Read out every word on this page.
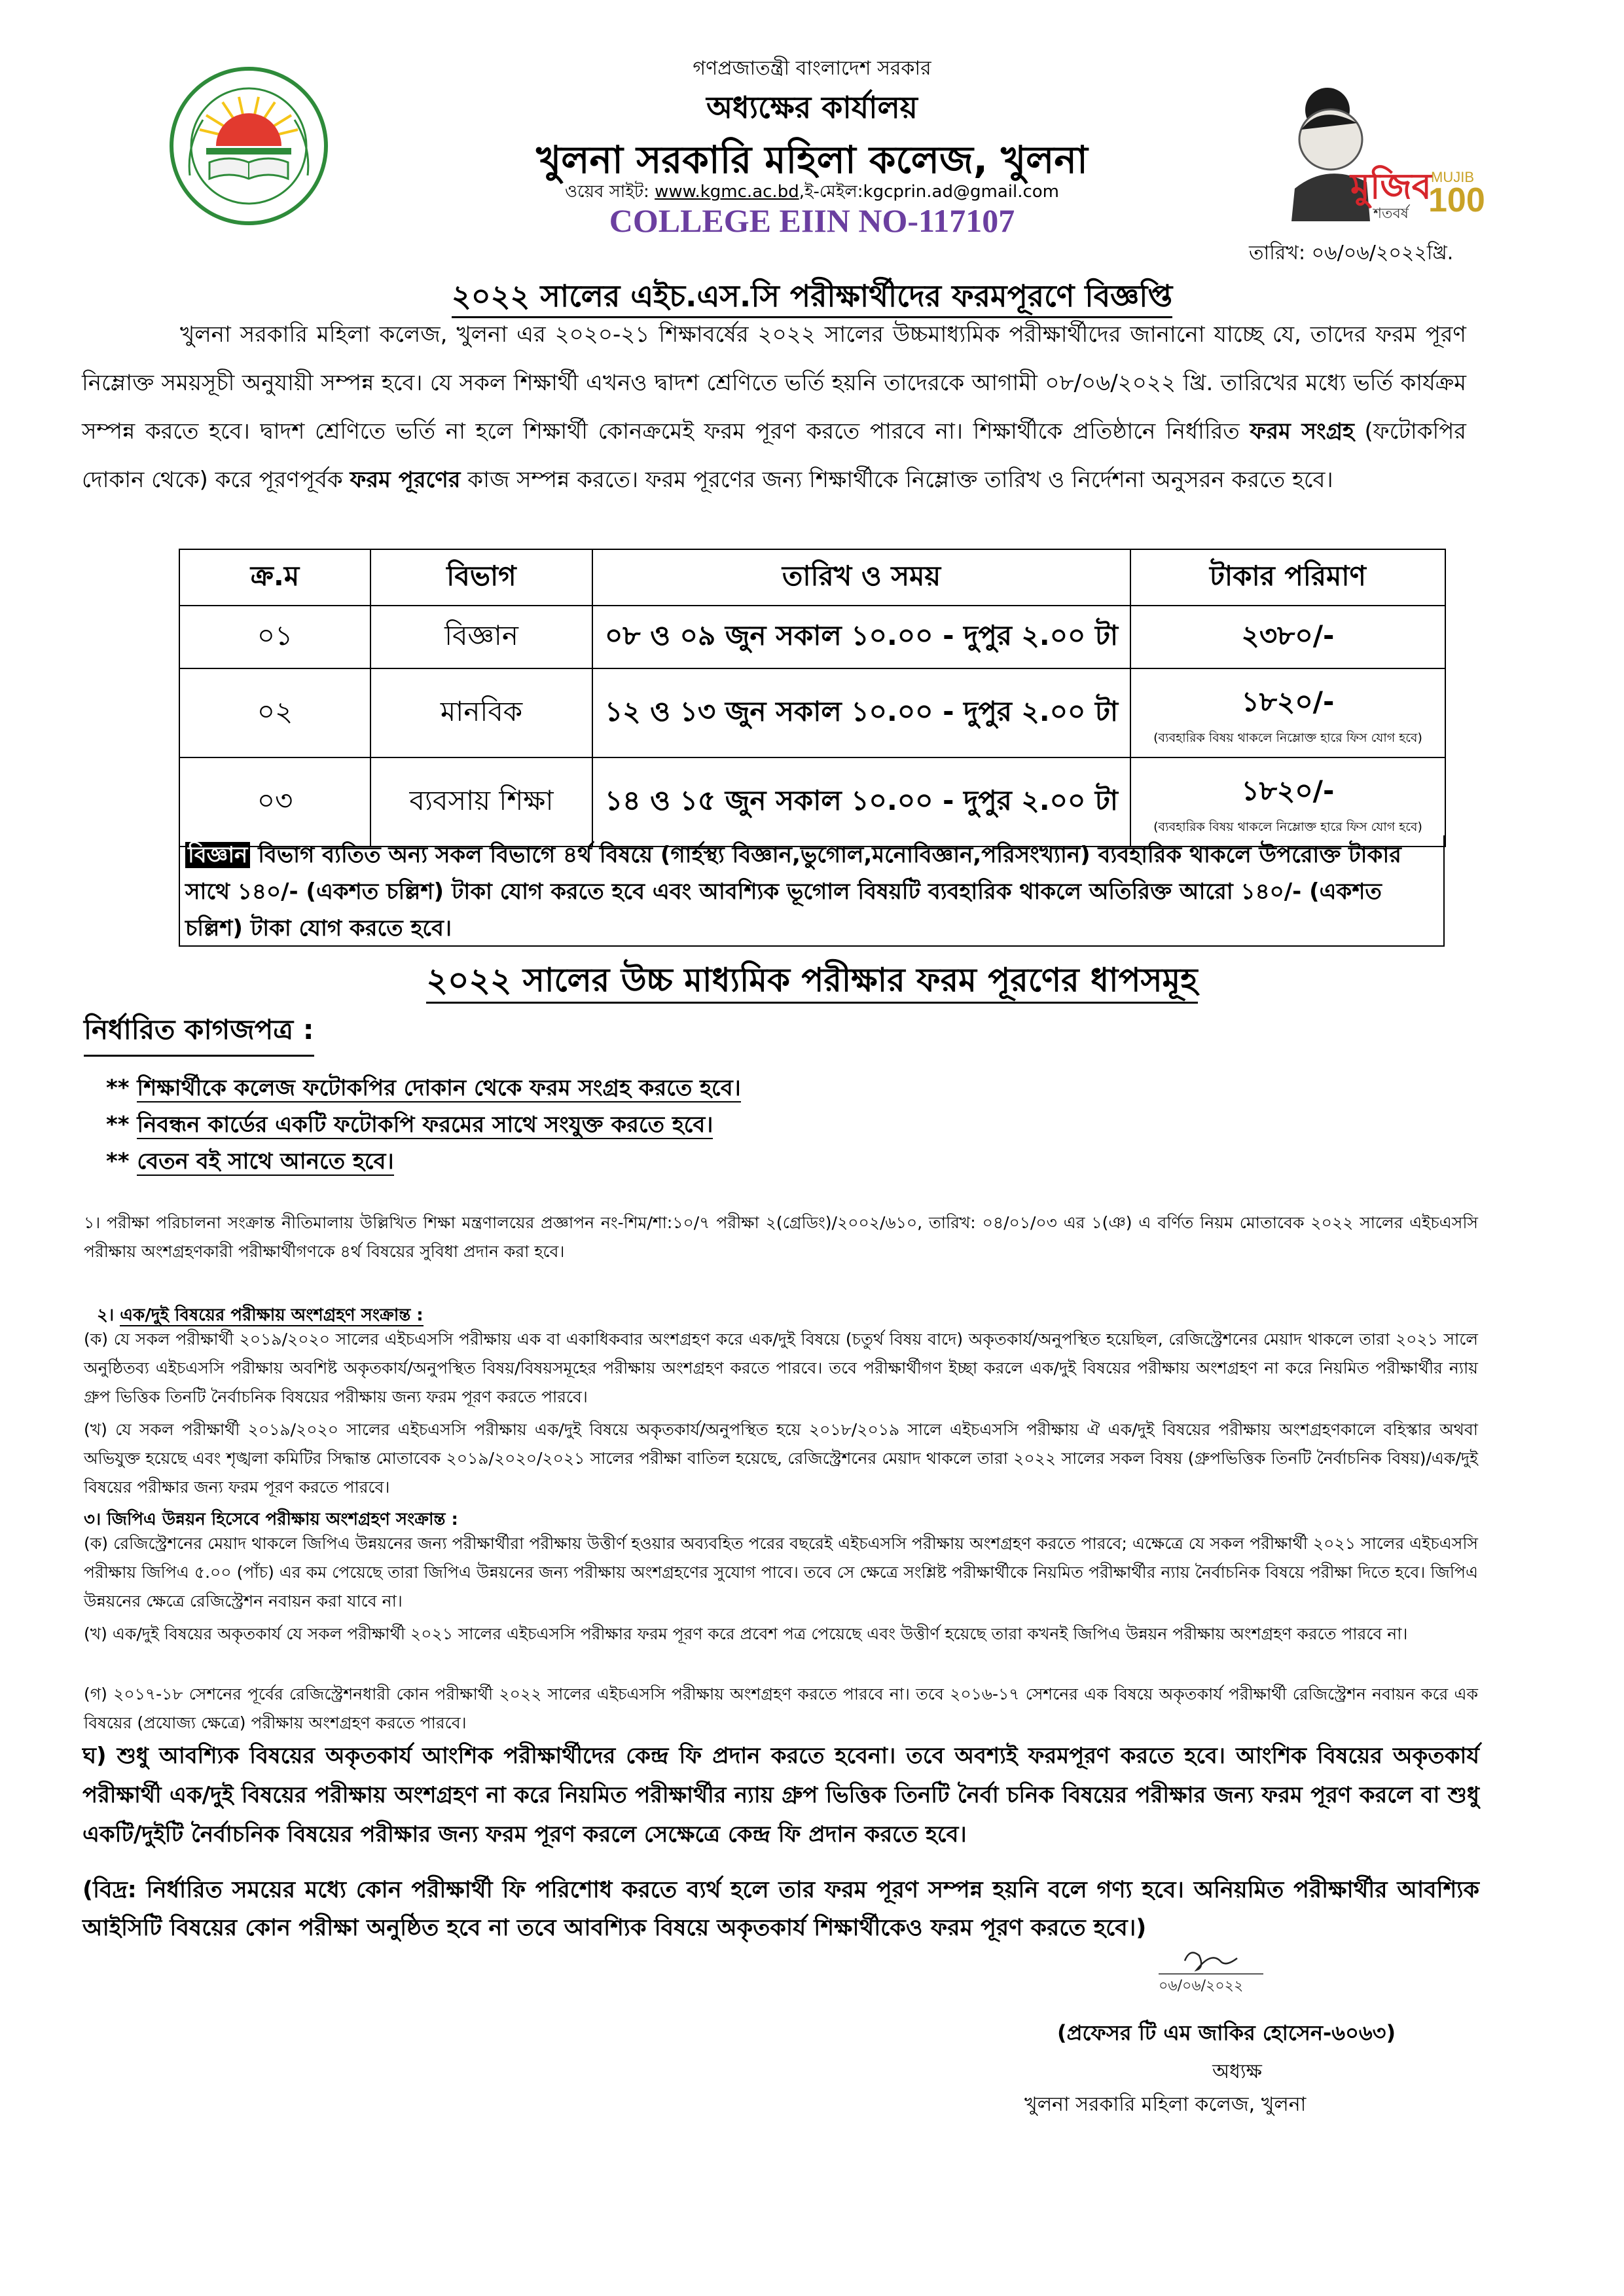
মুজিব
শতবর্ষ
MUJIB
100
গণপ্রজাতন্ত্রী বাংলাদেশ সরকার
অধ্যক্ষের কার্যালয়
খুলনা সরকারি মহিলা কলেজ, খুলনা
ওয়েব সাইট: www.kgmc.ac.bd,ই-মেইল:kgcprin.ad@gmail.com
COLLEGE EIIN NO-117107
তারিখ: ০৬/০৬/২০২২খ্রি.
২০২২ সালের এইচ.এস.সি পরীক্ষার্থীদের ফরমপূরণে বিজ্ঞপ্তি
খুলনা সরকারি মহিলা কলেজ, খুলনা এর ২০২০-২১ শিক্ষাবর্ষের ২০২২ সালের উচ্চমাধ্যমিক পরীক্ষার্থীদের জানানো যাচ্ছে যে, তাদের ফরম পূরণ নিম্লোক্ত সময়সূচী অনুযায়ী সম্পন্ন হবে। যে সকল শিক্ষার্থী এখনও দ্বাদশ শ্রেণিতে ভর্তি হয়নি তাদেরকে আগামী ০৮/০৬/২০২২ খ্রি. তারিখের মধ্যে ভর্তি কার্যক্রম সম্পন্ন করতে হবে। দ্বাদশ শ্রেণিতে ভর্তি না হলে শিক্ষার্থী কোনক্রমেই ফরম পূরণ করতে পারবে না। শিক্ষার্থীকে প্রতিষ্ঠানে নির্ধারিত ফরম সংগ্রহ (ফটোকপির দোকান থেকে) করে পূরণপূর্বক ফরম পূরণের কাজ সম্পন্ন করতে। ফরম পূরণের জন্য শিক্ষার্থীকে নিম্লোক্ত তারিখ ও নির্দেশনা অনুসরন করতে হবে।
ক্র.ম	বিভাগ	তারিখ ও সময়	টাকার পরিমাণ
০১	বিজ্ঞান	০৮ ও ০৯ জুন সকাল ১০.০০ - দুপুর ২.০০ টা	২৩৮০/-

০২	মানবিক	১২ ও ১৩ জুন সকাল ১০.০০ - দুপুর ২.০০ টা	১৮২০/-
(ব্যবহারিক বিষয় থাকলে নিম্লোক্ত হারে ফিস যোগ হবে)

০৩	ব্যবসায় শিক্ষা	১৪ ও ১৫ জুন সকাল ১০.০০ - দুপুর ২.০০ টা	১৮২০/-
(ব্যবহারিক বিষয় থাকলে নিম্লোক্ত হারে ফিস যোগ হবে)
বিজ্ঞান বিভাগ ব্যতিত অন্য সকল বিভাগে ৪র্থ বিষয়ে (গার্হস্থ্য বিজ্ঞান,ভুগোল,মনোবিজ্ঞান,পরিসংখ্যান) ব্যবহারিক থাকলে উপরোক্ত টাকার সাথে ১৪০/- (একশত চল্লিশ) টাকা যোগ করতে হবে এবং আবশ্যিক ভূগোল বিষয়টি ব্যবহারিক থাকলে অতিরিক্ত আরো ১৪০/- (একশত চল্লিশ) টাকা যোগ করতে হবে।
২০২২ সালের উচ্চ মাধ্যমিক পরীক্ষার ফরম পূরণের ধাপসমূহ
নির্ধারিত কাগজপত্র :
** শিক্ষার্থীকে কলেজ ফটোকপির দোকান থেকে ফরম সংগ্রহ করতে হবে।
** নিবন্ধন কার্ডের একটি ফটোকপি ফরমের সাথে সংযুক্ত করতে হবে।
** বেতন বই সাথে আনতে হবে।
১। পরীক্ষা পরিচালনা সংক্রান্ত নীতিমালায় উল্লিখিত শিক্ষা মন্ত্রণালয়ের প্রজ্ঞাপন নং-শিম/শা:১০/৭ পরীক্ষা ২(গ্রেডিং)/২০০২/৬১০, তারিখ: ০৪/০১/০৩ এর ১(ঞ) এ বর্ণিত নিয়ম মোতাবেক ২০২২ সালের এইচএসসি পরীক্ষায় অংশগ্রহণকারী পরীক্ষার্থীগণকে ৪র্থ বিষয়ের সুবিধা প্রদান করা হবে।
২। এক/দুই বিষয়ের পরীক্ষায় অংশগ্রহণ সংক্রান্ত :
(ক) যে সকল পরীক্ষার্থী ২০১৯/২০২০ সালের এইচএসসি পরীক্ষায় এক বা একাধিকবার অংশগ্রহণ করে এক/দুই বিষয়ে (চতুর্থ বিষয় বাদে) অকৃতকার্য/অনুপস্থিত হয়েছিল, রেজিস্ট্রেশনের মেয়াদ থাকলে তারা ২০২১ সালে অনুষ্ঠিতব্য এইচএসসি পরীক্ষায় অবশিষ্ট অকৃতকার্য/অনুপস্থিত বিষয়/বিষয়সমূহের পরীক্ষায় অংশগ্রহণ করতে পারবে। তবে পরীক্ষার্থীগণ ইচ্ছা করলে এক/দুই বিষয়ের পরীক্ষায় অংশগ্রহণ না করে নিয়মিত পরীক্ষার্থীর ন্যায় গ্রুপ ভিত্তিক তিনটি নৈর্বাচনিক বিষয়ের পরীক্ষায় জন্য ফরম পূরণ করতে পারবে।
(খ) যে সকল পরীক্ষার্থী ২০১৯/২০২০ সালের এইচএসসি পরীক্ষায় এক/দুই বিষয়ে অকৃতকার্য/অনুপস্থিত হয়ে ২০১৮/২০১৯ সালে এইচএসসি পরীক্ষায় ঐ এক/দুই বিষয়ের পরীক্ষায় অংশগ্রহণকালে বহিস্কার অথবা অভিযুক্ত হয়েছে এবং শৃঙ্খলা কমিটির সিদ্ধান্ত মোতাবেক ২০১৯/২০২০/২০২১ সালের পরীক্ষা বাতিল হয়েছে, রেজিস্ট্রেশনের মেয়াদ থাকলে তারা ২০২২ সালের সকল বিষয় (গ্রুপভিত্তিক তিনটি নৈর্বাচনিক বিষয়)/এক/দুই বিষয়ের পরীক্ষার জন্য ফরম পূরণ করতে পারবে।
৩। জিপিএ উন্নয়ন হিসেবে পরীক্ষায় অংশগ্রহণ সংক্রান্ত :
(ক) রেজিস্ট্রেশনের মেয়াদ থাকলে জিপিএ উন্নয়নের জন্য পরীক্ষার্থীরা পরীক্ষায় উত্তীর্ণ হওয়ার অব্যবহিত পরের বছরেই এইচএসসি পরীক্ষায় অংশগ্রহণ করতে পারবে; এক্ষেত্রে যে সকল পরীক্ষার্থী ২০২১ সালের এইচএসসি পরীক্ষায় জিপিএ ৫.০০ (পাঁচ) এর কম পেয়েছে তারা জিপিএ উন্নয়নের জন্য পরীক্ষায় অংশগ্রহণের সুযোগ পাবে। তবে সে ক্ষেত্রে সংশ্লিষ্ট পরীক্ষার্থীকে নিয়মিত পরীক্ষার্থীর ন্যায় নৈর্বাচনিক বিষয়ে পরীক্ষা দিতে হবে। জিপিএ উন্নয়নের ক্ষেত্রে রেজিস্ট্রেশন নবায়ন করা যাবে না।
(খ) এক/দুই বিষয়ের অকৃতকার্য যে সকল পরীক্ষার্থী ২০২১ সালের এইচএসসি পরীক্ষার ফরম পূরণ করে প্রবেশ পত্র পেয়েছে এবং উত্তীর্ণ হয়েছে তারা কখনই জিপিএ উন্নয়ন পরীক্ষায় অংশগ্রহণ করতে পারবে না।
(গ) ২০১৭-১৮ সেশনের পূর্বের রেজিস্ট্রেশনধারী কোন পরীক্ষার্থী ২০২২ সালের এইচএসসি পরীক্ষায় অংশগ্রহণ করতে পারবে না। তবে ২০১৬-১৭ সেশনের এক বিষয়ে অকৃতকার্য পরীক্ষার্থী রেজিস্ট্রেশন নবায়ন করে এক বিষয়ের (প্রযোজ্য ক্ষেত্রে) পরীক্ষায় অংশগ্রহণ করতে পারবে।
ঘ) শুধু আবশ্যিক বিষয়ের অকৃতকার্য আংশিক পরীক্ষার্থীদের কেন্দ্র ফি প্রদান করতে হবেনা। তবে অবশ্যই ফরমপূরণ করতে হবে। আংশিক বিষয়ের অকৃতকার্য পরীক্ষার্থী এক/দুই বিষয়ের পরীক্ষায় অংশগ্রহণ না করে নিয়মিত পরীক্ষার্থীর ন্যায় গ্রুপ ভিত্তিক তিনটি নৈর্বা চনিক বিষয়ের পরীক্ষার জন্য ফরম পূরণ করলে বা শুধু একটি/দুইটি নৈর্বাচনিক বিষয়ের পরীক্ষার জন্য ফরম পূরণ করলে সেক্ষেত্রে কেন্দ্র ফি প্রদান করতে হবে।
(বিদ্র: নির্ধারিত সময়ের মধ্যে কোন পরীক্ষার্থী ফি পরিশোধ করতে ব্যর্থ হলে তার ফরম পূরণ সম্পন্ন হয়নি বলে গণ্য হবে। অনিয়মিত পরীক্ষার্থীর আবশ্যিক আইসিটি বিষয়ের কোন পরীক্ষা অনুষ্ঠিত হবে না তবে আবশ্যিক বিষয়ে অকৃতকার্য শিক্ষার্থীকেও ফরম পূরণ করতে হবে।)
০৬/০৬/২০২২
(প্রফেসর টি এম জাকির হোসেন-৬০৬৩)
অধ্যক্ষ
খুলনা সরকারি মহিলা কলেজ, খুলনা
